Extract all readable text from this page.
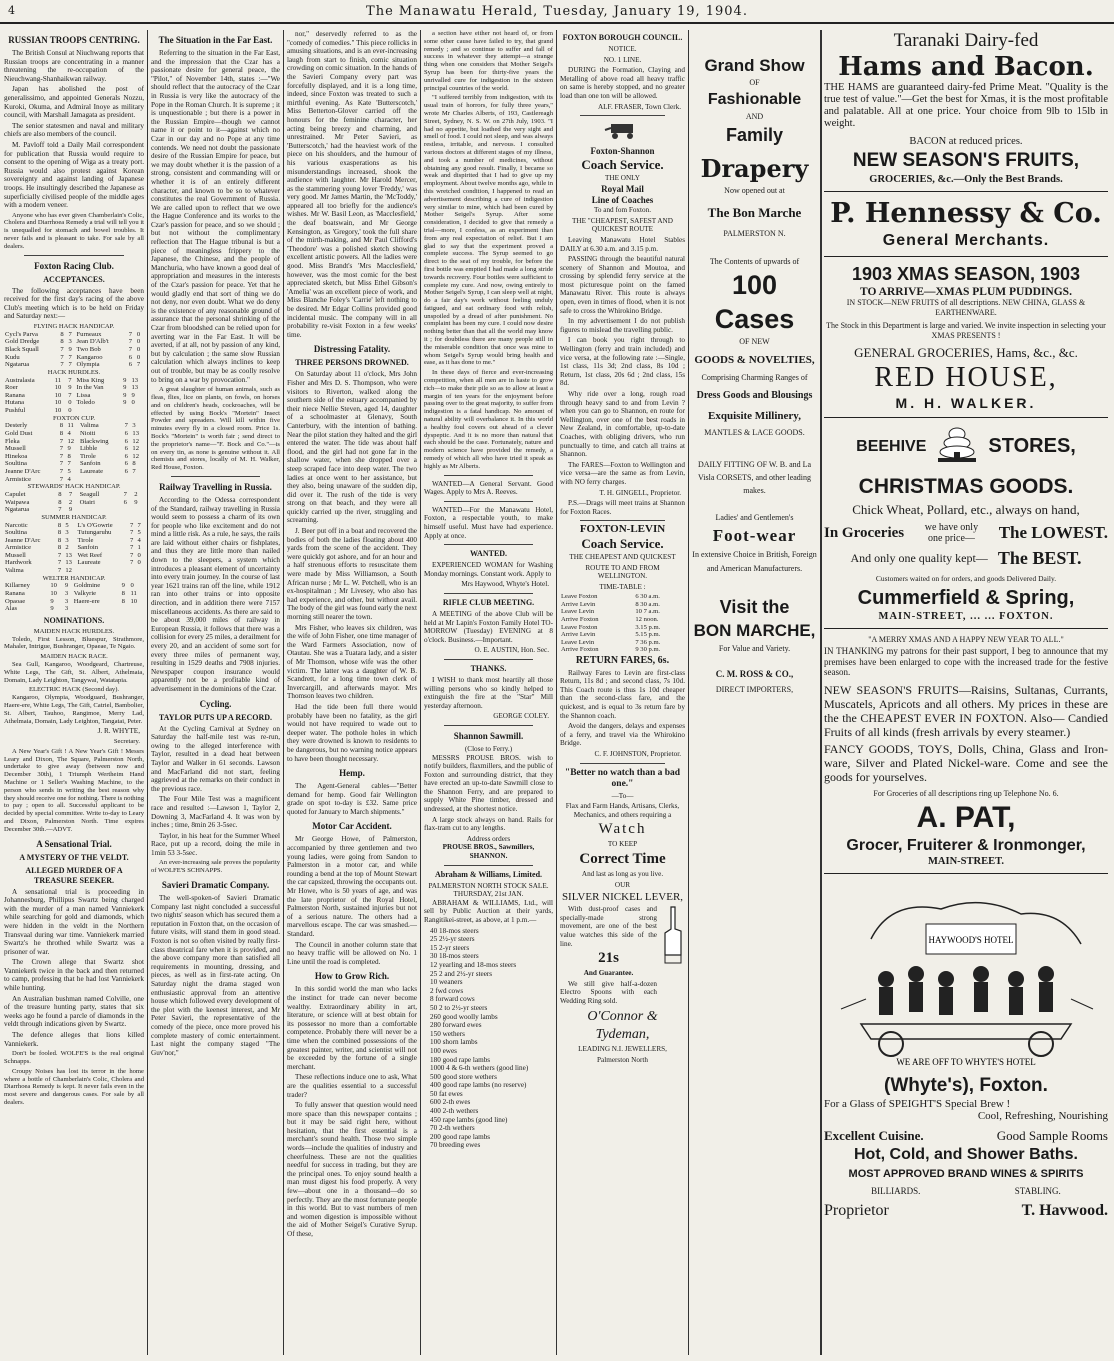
4	The Manawatu Herald, Tuesday, January 19, 1904.
RUSSIAN TROOPS CENTRING.

The British Consul at Niuchwang reports that Russian troops are concentrating in a manner threatening the re-occupation of the Nieuchwang-Shanhaikwan railway.

Japan has abolished the post of generalissimo, and appointed Generals Nozzu, Kuroki, Okuma, and Admiral Inoye as military council, with Marshall Jamagata as president.

The senior statesmen and naval and military chiefs are also members of the council.

M. Pavloff told a Daily Mail correspondent for publication that Russia would require to consent to the opening of Wiga as a treaty port. Russia would also protest against Korean sovereignty and against landing of Japanese troops. He insultingly described the Japanese as superficially civilised people of the middle ages with a modern veneer.

Anyone who has ever given Chamberlain's Colic, Cholera and Diarrhoea Remedy a trial will tell you it is unequalled for stomach and bowel troubles. It never fails and is pleasant to take. For sale by all dealers.

Foxton Racing Club.
ACCEPTANCES.

The following acceptances have been received for the first day's racing of the above Club's meeting which is to be held on Friday and Saturday next:—

FLYING HACK HANDICAP.
Cycl's Parva	8	7	Furneaux	7	0
Gold Dredge	8	3	Jean D'Alb't	7	0
Black Squall	7	9	Two Bob	7	0
Kudu	7	7	Kangaroo	6	0
Ngatarua	7	7	Olympia	6	7
HACK HURDLES.
Australasia	11	7	Miss King	9	13
Roer	10	9	In the Van	9	13
Ranana	10	7	Lissa	9	9
Hutana	10	0	Toledo	9	0
Pushful	10	0			
FOXTON CUP.
Desterly	8	11	Valima	7	3
Gold Dust	8	4	Nioiti	6	13
Fleka	7	12	Blackwing	6	12
Mussell	7	9	Libble	6	12
Hinekoa	7	8	Tirole	6	12
Soultina	7	7	Sanfoin	6	8
Jeanne D'Arc	7	5	Laureate	6	7
Armistice	7	4			
STEWARDS' HACK HANDICAP.
Capulet	8	7	Seagull	7	2
Waipawa	8	2	Otairi	6	9
Ngatarua	7	9			
SUMMER HANDICAP.
Narcotic	8	5	L's O'Gowrie	7	7
Soultina	8	3	Tutungaruhu	7	5
Jeanne D'Arc	8	3	Tirole	7	4
Armistice	8	2	Sanfoin	7	1
Mussell	7	13	Wet Reef	7	0
Hardwork	7	13	Laureate	7	0
Valima	7	12			
WELTER HANDICAP.
Killarney	10	9	Goldmine	9	0
Ranana	10	3	Valkyrie	8	11
Opaoae	9	3	Haere-ere	8	10
Alas	9	3			
NOMINATIONS.
MAIDEN HACK HURDLES.

Toledo, First Lesson, Bluespur, Strathmore, Mahaler, Intrigue, Bushranger, Opaeae, Te Ngaio.

MAIDEN HACK RACE.

Sea Gull, Kangaroo, Woodgeard, Chartreuse, White Legs, The Gift, St. Albert, Athelmaia, Domain, Lady Leighton, Tangywai, Watatapia.

ELECTRIC HACK (Second day).

Kangaroo, Olympia, Woodguard, Bushranger, Haere-ere, White Legs, The Gift, Catriel, Bambolier, St. Albert, Tauhoo, Rangimoe, Merry Lad, Athelmaia, Domain, Lady Leighton, Tangatai, Peter.

J. R. WHYTE,
Secretary.

A New Year's Gift ! A New Year's Gift ! Messrs Leary and Dixon, The Square, Palmerston North, undertake to give away (between now and December 30th), 1 Triumph Wertheim Hand Machine or 1 Seller's Washing Machine, to the person who sends in writing the best reason why they should receive one for nothing. There is nothing to pay ; open to all. Successful applicant to be decided by special committee. Write to-day to Leary and Dixon, Palmerston North. Time expires December 30th.—ADVT.

A Sensational Trial.
A MYSTERY OF THE VELDT.
ALLEGED MURDER OF A TREASURE SEEKER.

A sensational trial is proceeding in Johannesburg, Phillipus Swartz being charged with the murder of a man named Vanniekerk while searching for gold and diamonds, which were hidden in the veldt in the Northern Transvaal during war time. Vanniekerk married Swartz's he throthed while Swartz was a prisoner of war.

The Crown allege that Swartz shot Vanniekerk twice in the back and then returned to camp, professing that he had lost Vanniekerk while hunting.

An Australian bushman named Colville, one of the treasure hunting party, states that six weeks ago he found a parcle of diamonds in the veldt through indications given by Swartz.

The defence alleges that lions killed Vanniekerk.

Don't be fooled. WOLFE'S is the real original Schnapps.

Croupy Noises has lost its terror in the home where a bottle of Chamberlain's Colic, Cholera and Diarrhoea Remedy is kept. It never fails even in the most severe and dangerous cases. For sale by all dealers.

The Situation in the Far East.

Referring to the situation in the Far East, and the impression that the Czar has a passionate desire for general peace, the "Pilot," of November 14th, states :—"We should reflect that the autocracy of the Czar in Russia is very like the autocracy of the Pope in the Roman Church. It is supreme ; it is unquestionable ; but there is a power in the Russian Empire—though we cannot name it or point to it—against which no Czar in our day and no Pope at any time contends. We need not doubt the passionate desire of the Russian Empire for peace, but we may doubt whether it is the passion of a strong, consistent and commanding will or whether it is of an entirely different character, and known to be so to whatever constitutes the real Government of Russia. We are called upon to reflect that we owe the Hague Conference and its works to the Czar's passion for peace, and so we should ; but not without the complimentary reflection that The Hague tribunal is but a piece of meaningless frippery to the Japanese, the Chinese, and the people of Manchuria, who have known a good deal of appropriation and measures in the interests of the Czar's passion for peace. Yet that he would gladly end that sort of thing we do not deny, nor even doubt. What we do deny is the existence of any reasonable ground of assurance that the personal shrinking of the Czar from bloodshed can be relied upon for averting war in the Far East. It will be averted, if at all, not by passion of any kind, but by calculation ; the same slow Russian calculation which always inclines to keep out of trouble, but may be as coolly resolve to bring on a war by provocation."

A great slaughter of human animals, such as fleas, flies, lice on plants, on fowls, on horses and on children's heads, cockroaches, will be effected by using Bock's "Mortein" Insect Powder and spreaders. Will kill within five minutes every fly in a closed room. Price 1s. Bock's "Mortein" is worth fair ; send direct to the proprietor's name—"F. Bock and Co."—is on every tin, as none is genuine without it. All chemists and stores, locally of M. H. Walker, Red House, Foxton.

Railway Travelling in Russia.

According to the Odessa correspondent of the Standard, railway travelling in Russia would seem to possess a charm of its own for people who like excitement and do not mind a little risk. As a rule, he says, the rails are laid without either chairs or fishplates, and thus they are little more than nailed down to the sleepers, a system which introduces a pleasant element of uncertainty into every train journey. In the course of last year 1621 trains ran off the line, while 1912 ran into other trains or into opposite direction, and in addition there were 7157 miscellaneous accidents. As there are said to be about 39,000 miles of railway in European Russia, it follows that there was a collision for every 25 miles, a derailment for every 20, and an accident of some sort for every three miles of permanent way, resulting in 1529 deaths and 7908 injuries. Newspaper coupon insurance would apparently not be a profitable kind of advertisement in the dominions of the Czar.

Cycling.
TAYLOR PUTS UP A RECORD.

At the Cycling Carnival at Sydney on Saturday the half-mile test was re-run, owing to the alleged interference with Taylor, resulted in a dead heat between Taylor and Walker in 61 seconds. Lawson and MacFarland did not start, feeling aggrieved at the remarks on their conduct in the previous race.

The Four Mile Test was a magnificent race and resulted :—Lawson 1, Taylor 2, Downing 3, MacFarland 4. It was won by inches ; time, 8min 26 3-5sec.

Taylor, in his heat for the Summer Wheel Race, put up a record, doing the mile in 1min 53 3-5sec.

An ever-increasing sale proves the popularity of WOLFE'S SCHNAPPS.

Savieri Dramatic Company.

The well-spoken-of Savieri Dramatic Company last night concluded a successful two nights' season which has secured them a reputation in Foxton that, on the occasion of future visits, will stand them in good stead. Foxton is not so often visited by really first-class theatrical fare when it is provided, and the above company more than satisfied all requirements in mounting, dressing, and pieces, as well as in first-rate acting. On Saturday night the drama staged won enthusiastic approval from an attentive house which followed every development of the plot with the keenest interest, and Mr Peter Savieri, the representative of the comedy of the piece, once more proved his complete mastery of comic entertainment. Last night the company staged "The Guv'nor,"

nor," deservedly referred to as the "comedy of comedies." This piece rollicks in amusing situations, and is an ever-increasing laugh from start to finish, comic situation crowding on comic situation. In the hands of the Savieri Company every part was forcefully displayed, and it is a long time, indeed, since Foxton was treated to such a mirthful evening. As Kate 'Butterscotch,' Miss Betterton-Glover carried off the honours for the feminine character, her acting being breezy and charming, and unrestrained. Mr Peter Savieri, as 'Butterscotch,' had the heaviest work of the piece on his shoulders, and the humour of his various exasperations as his misunderstandings increased, shook the audience with laughter. Mr Harold Mercer, as the stammering young lover 'Freddy,' was very good. Mr James Martin, the 'McToddy,' appeared all too briefly for the audience's wishes. Mr W. Basil Leon, as 'Macclesfield,' the deaf boatswain, and Mr George Kensington, as 'Gregory,' took the full share of the mirth-making, and Mr Paul Clifford's 'Theodore' was a polished sketch showing excellent artistic powers. All the ladies were good. Miss Brandt's 'Mrs Macclesfield,' however, was the most comic for the best appreciated sketch, but Miss Ethel Gibson's 'Amelia' was an excellent piece of work, and Miss Blanche Foley's 'Carrie' left nothing to be desired. Mr Edgar Collins provided good incidental music. The company will in all probability re-visit Foxton in a few weeks' time.

Distressing Fatality.
THREE PERSONS DROWNED.

On Saturday about 11 o'clock, Mrs John Fisher and Mrs D. S. Thompson, who were visitors to Riverton, walked along the southern side of the estuary accompanied by their niece Nellie Steven, aged 14, daughter of a schoolmaster at Glenavy, South Canterbury, with the intention of bathing. Near the pilot station they halted and the girl entered the water. The tide was about half flood, and the girl had not gone far in the shallow water, when she dropped over a steep scraped face into deep water. The two ladies at once went to her assistance, but they also, being unaware of the sudden dip, did over it. The rush of the tide is very strong on that beach, and they were all quickly carried up the river, struggling and screaming.

J. Beer put off in a boat and recovered the bodies of both the ladies floating about 400 yards from the scene of the accident. They were quickly got ashore, and for an hour and a half strenuous efforts to resuscitate them were made by Miss Williamson, a South African nurse ; Mr L. W. Petchell, who is an ex-hospitalman ; Mr Livesey, who also has had experience, and other, but without avail. The body of the girl was found early the next morning still nearer the town.

Mrs Fisher, who leaves six children, was the wife of John Fisher, one time manager of the Ward Farmers Association, now of Otautau. She was a Tuatara lady, and a sister of Mr Thomson, whose wife was the other victim. The latter was a daughter of W. B. Scandrett, for a long time town clerk of Invercargill, and afterwards mayor. Mrs Thomson leaves two children.

Had the tide been full there would probably have been no fatality, as the girl would not have required to wade out to deeper water. The pothole holes in which they were drowned is known to residents to be dangerous, but no warning notice appears to have been thought necessary.

Hemp.

The Agent-General cables—"Better demand for hemp. Good fair Wellington grade on spot to-day is £32. Same price quoted for January to March shipments."

Motor Car Accident.

Mr George Howe, of Palmerston, accompanied by three gentlemen and two young ladies, were going from Sandon to Palmerston in a motor car, and while rounding a bend at the top of Mount Stewart the car capsized, throwing the occupants out. Mr Howe, who is 50 years of age, and was the late proprietor of the Royal Hotel, Palmerston North, sustained injuries but not of a serious nature. The others had a marvellous escape. The car was smashed.—Standard.

The Council in another column state that no heavy traffic will be allowed on No. 1 Line until the road is completed.

How to Grow Rich.

In this sordid world the man who lacks the instinct for trade can never become wealthy. Extraordinary ability in art, literature, or science will at best obtain for its possessor no more than a comfortable competence. Probably there will never be a time when the combined possessions of the greatest painter, writer, and scientist will not be exceeded by the fortune of a single merchant.

These reflections induce one to ask, What are the qualities essential to a successful trader?

To fully answer that question would need more space than this newspaper contains ; but it may be said right here, without hesitation, that the first essential is a merchant's sound health. Those two simple words—include the qualities of industry and cheerfulness. These are not the qualities needful for success in trading, but they are the principal ones. To enjoy sound health a man must digest his food properly. A very few—about one in a thousand—do so perfectly. They are the most fortunate people in this world. But to vast numbers of men and women digestion is impossible without the aid of Mother Seigel's Curative Syrup. Of these,

a section have either not heard of, or from some other cause have failed to try, that grand remedy ; and so continue to suffer and fall of success in whatever they attempt—a strange thing when one considers that Mother Seigel's Syrup has been for thirty-five years the unrivalled cure for indigestion in the sixteen principal countries of the world.

"I suffered terribly from indigestion, with its usual train of horrors, for fully three years," wrote Mr Charles Alberts, of 193, Castlereagh Street, Sydney, N. S. W. on 27th July, 1903. "I had no appetite, but loathed the very sight and smell of food. I could not sleep, and was always restless, irritable, and nervous. I consulted various doctors at different stages of my illness, and took a number of medicines, without obtaining any good result. Finally, I became so weak and dispirited that I had to give up my employment. About twelve months ago, while in this wretched condition, I happened to read an advertisement describing a cure of indigestion very similar to mine, which had been cured by Mother Seigel's Syrup. After some consideration, I decided to give that remedy a trial—more, I confess, as an experiment than from any real expectation of relief. But I am glad to say that the experiment proved a complete success. The Syrup seemed to go direct to the seat of my trouble, for before the first bottle was emptied I had made a long stride towards recovery. Four bottles were sufficient to complete my cure. And now, owing entirely to Mother Seigel's Syrup, I can sleep well at night, do a fair day's work without feeling unduly fatigued, and eat ordinary food with relish, unspoiled by a dread of after punishment. No complaint has been my cure. I could now desire nothing better than that all the world may know it ; for doubtless there are many people still in the miserable condition that once was mine to whom Seigel's Syrup would bring health and ease, as it has done to me."

In these days of fierce and ever-increasing competition, when all men are in haste to grow rich—to make their pile so as to allow at least a margin of ten years for the enjoyment before passing over to the great majority, to suffer from indigestion is a fatal handicap. No amount of natural ability will overbalance it. In this world a healthy foul covers out ahead of a clever dyspeptic. And it is no more than natural that each should be the case. Fortunately, nature and modern science have provided the remedy, a remedy of which all who have tried it speak as highly as Mr Alberts.

WANTED—A General Servant. Good Wages. Apply to Mrs A. Reeves.

WANTED—For the Manawatu Hotel, Foxton, a respectable youth, to make himself useful. Must have had experience. Apply at once.

WANTED.

EXPERIENCED WOMAN for Washing Monday mornings. Constant work. Apply to

Mrs Haywood, Whyte's Hotel.
RIFLE CLUB MEETING.

A MEETING of the above Club will be held at Mr Lapin's Foxton Family Hotel TO-MORROW (Tuesday) EVENING at 8 o'clock. Business.—Important.

O. E. AUSTIN, Hon. Sec.
THANKS.

I WISH to thank most heartily all those willing persons who so kindly helped to extinguish the fire at the "Star" Mill yesterday afternoon.

GEORGE COLEY.
Shannon Sawmill.
(Close to Ferry.)

MESSRS PROUSE BROS. wish to notify builders, flaxmillers, and the public of Foxton and surrounding district, that they have erected an up-to-date Sawmill close to the Shannon Ferry, and are prepared to supply White Pine timber, dressed and undressed, at the shortest notice.

A large stock always on hand. Rails for flax-tram cut to any lengths.

Address orders
PROUSE BROS., Sawmillers, SHANNON.
Abraham & Williams, Limited.
PALMERSTON NORTH STOCK SALE.
THURSDAY, 21st JAN.

ABRAHAM & WILLIAMS, Ltd., will sell by Public Auction at their yards, Rangitikei-street, as above, at 1 p.m.—

40 18-mos steers
25 2½-yr steers
15 2-yr steers
30 18-mos steers
12 yearling and 18-mos steers
25 2 and 2½-yr steers
10 weaners
2 fwd cows
8 forward cows
50 2 to 2½-yr steers
260 good woolly lambs
280 forward ewes
150 wethers
100 shorn lambs
100 ewes
180 good rape lambs
1000 4 & 6-th wethers (good line)
500 good store wethers
400 good rape lambs (no reserve)
50 fat ewes
600 2-th ewes
400 2-th wethers
450 rape lambs (good line)
70 2-th wethers
200 good rape lambs
70 breeding ewes
FOXTON BOROUGH COUNCIL.
NOTICE.
NO. 1 LINE.

DURING the Formation, Claying and Metalling of above road all heavy traffic on same is hereby stopped, and no greater load than one ton will be allowed.

ALF. FRASER, Town Clerk.
Foxton-Shannon
Coach Service.
THE ONLY
Royal Mail
Line of Coaches
To and fom Foxton.
THE "CHEAPEST, SAFEST AND QUICKEST ROUTE

Leaving Manawatu Hotel Stables DAILY at 6.30 a.m. and 3.15 p.m.

PASSING through the beautiful natural scenery of Shannon and Moutoa, and crossing by splendid ferry service at the most picturesque point on the famed Manawatu River. This route is always open, even in times of flood, when it is not safe to cross the Whirokino Bridge.

In my advertisement I do not publish figures to mislead the travelling public.

I can book you right through to Wellington (ferry and train included) and vice versa, at the following rate :—Single, 1st class, 11s 3d; 2nd class, 8s 10d ; Return, 1st class, 20s 6d ; 2nd class, 15s 8d.

Why ride over a long, rough road through heavy sand to and from Levin ? when you can go to Shannon, en route for Wellington, over one of the best roads in New Zealand, in comfortable, up-to-date Coaches, with obliging drivers, who run punctually to time, and catch all trains at Shannon.

The FARES—Foxton to Wellington and vice versa—are the same as from Levin, with NO ferry charges.

T. H. GINGELL, Proprietor.

P.S.—Drags will meet trains at Shannon for Foxton Races.

FOXTON-LEVIN
Coach Service.
THE CHEAPEST AND QUICKEST
ROUTE TO AND FROM WELLINGTON.
TIME-TABLE :
Leave Foxton	6 30 a.m.
Arrive Levin	8 30 a.m.
Leave Levin	10 7 a.m.
Arrive Foxton	12 noon.
Leave Foxton	3.15 p.m.
Arrive Levin	5.15 p.m.
Leave Levin	7 36 p.m.
Arrive Foxton	9 30 p.m.
RETURN FARES, 6s.

Railway Fares to Levin are first-class Return, 11s 8d ; and second class, 7s 10d. This Coach route is thus 1s 10d cheaper than the second-class fare, and the quickest, and is equal to 3s return fare by the Shannon coach.

Avoid the dangers, delays and expenses of a ferry, and travel via the Whirokino Bridge.

C. F. JOHNSTON, Proprietor.
"Better no watch than a bad one."
—To—
Flax and Farm Hands, Artisans, Clerks, Mechanics, and others requiring a
Watch
TO KEEP
Correct Time
And last as long as you live.
OUR
SILVER NICKEL LEVER,

With dust-proof cases and specially-made strong movement, are one of the best value watches this side of the line.

21s
And Guarantee.

We still give half-a-dozen Electro Spoons with each Wedding Ring sold.

O'Connor &
Tydeman,
LEADING N.I. JEWELLERS,
Palmerston North
Grand Show
OF
Fashionable
AND
Family
Drapery
Now opened out at
The Bon Marche
PALMERSTON N.
The Contents of upwards of
100 Cases
OF NEW
GOODS & NOVELTIES,
Comprising Charming Ranges of
Dress Goods and Blousings
Exquisite Millinery,
MANTLES & LACE GOODS.
DAILY FITTING OF W. B. and La Visla CORSETS, and other leading makes.
Ladies' and Gentlemen's
Foot-wear
In extensive Choice in British, Foreign and American Manufacturers.
Visit the
BON MARCHE,
For Value and Variety.
C. M. ROSS & CO.,
DIRECT IMPORTERS,
Taranaki Dairy-fed
Hams and Bacon.
THE HAMS are guaranteed dairy-fed Prime Meat. "Quality is the true test of value."—Get the best for Xmas, it is the most profitable and palatable. All at one price. Your choice from 9lb to 15lb in weight.
BACON at reduced prices.
NEW SEASON'S FRUITS,
GROCERIES, &c.—Only the Best Brands.
P. Hennessy & Co.
General Merchants.
1903 XMAS SEASON, 1903
TO ARRIVE—XMAS PLUM PUDDINGS.
IN STOCK—NEW FRUITS of all descriptions. NEW CHINA, GLASS & EARTHENWARE.
The Stock in this Department is large and varied. We invite inspection in selecting your XMAS PRESENTS !
GENERAL GROCERIES, Hams, &c., &c.
RED HOUSE,
M. H. WALKER.
BEEHIVE	STORES,
CHRISTMAS GOODS.
Chick Wheat, Pollard, etc., always on hand,
In Groceries	we have only one price—	The LOWEST.
And only one quality kept— The BEST.
Customers waited on for orders, and goods Delivered Daily.
Cummerfield & Spring,
MAIN-STREET, ... ... FOXTON.
"A MERRY XMAS AND A HAPPY NEW YEAR TO ALL."
IN THANKING my patrons for their past support, I beg to announce that my premises have been enlarged to cope with the increased trade for the festive season.
NEW SEASON'S FRUITS—Raisins, Sultanas, Currants, Muscatels, Apricots and all others. My prices in these are the the CHEAPEST EVER IN FOXTON. Also— Candied Fruits of all kinds (fresh arrivals by every steamer.)
FANCY GOODS, TOYS, Dolls, China, Glass and Iron-ware, Silver and Plated Nickel-ware. Come and see the goods for yourselves.
For Groceries of all descriptions ring up Telephone No. 6.
A. PAT,
Grocer, Fruiterer & Ironmonger,
MAIN-STREET.
HAYWOOD'S HOTEL
WE ARE OFF TO WHYTE'S HOTEL
(Whyte's), Foxton.
For a Glass of SPEIGHT'S Special Brew !
Cool, Refreshing, Nourishing
Excellent Cuisine.	Good Sample Rooms
Hot, Cold, and Shower Baths.
MOST APPROVED BRAND WINES & SPIRITS
BILLIARDS.	STABLING.
Proprietor	T. Havwood.
